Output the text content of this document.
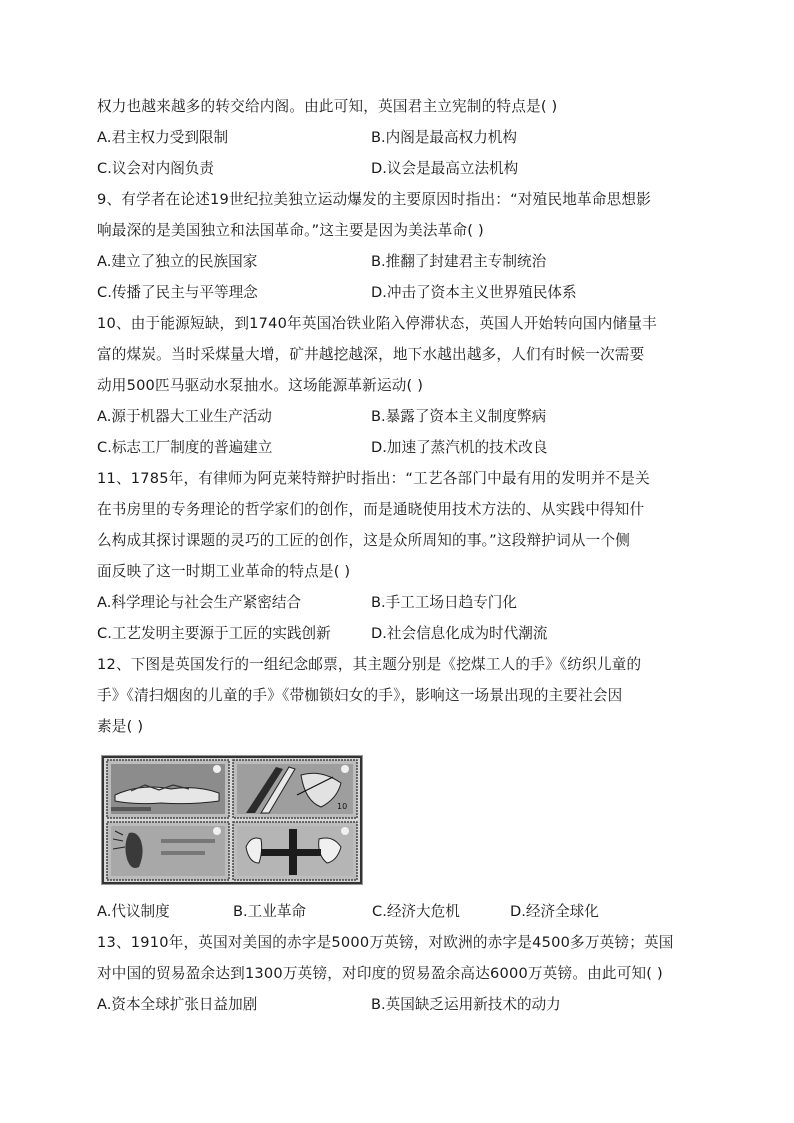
权力也越来越多的转交给内阁。由此可知，英国君主立宪制的特点是( )
A.君主权力受到限制	B.内阁是最高权力机构
C.议会对内阁负责	D.议会是最高立法机构
9、有学者在论述19世纪拉美独立运动爆发的主要原因时指出：“对殖民地革命思想影
响最深的是美国独立和法国革命。”这主要是因为美法革命( )
A.建立了独立的民族国家	B.推翻了封建君主专制统治
C.传播了民主与平等理念	D.冲击了资本主义世界殖民体系
10、由于能源短缺，到1740年英国冶铁业陷入停滞状态，英国人开始转向国内储量丰
富的煤炭。当时采煤量大增，矿井越挖越深，地下水越出越多，人们有时候一次需要
动用500匹马驱动水泵抽水。这场能源革新运动( )
A.源于机器大工业生产活动	B.暴露了资本主义制度弊病
C.标志工厂制度的普遍建立	D.加速了蒸汽机的技术改良
11、1785年，有律师为阿克莱特辩护时指出：“工艺各部门中最有用的发明并不是关
在书房里的专务理论的哲学家们的创作，而是通晓使用技术方法的、从实践中得知什
么构成其探讨课题的灵巧的工匠的创作，这是众所周知的事。”这段辩护词从一个侧
面反映了这一时期工业革命的特点是( )
A.科学理论与社会生产紧密结合	B.手工工场日趋专门化
C.工艺发明主要源于工匠的实践创新	D.社会信息化成为时代潮流
12、下图是英国发行的一组纪念邮票，其主题分别是《挖煤工人的手》《纺织儿童的
手》《清扫烟囱的儿童的手》《带枷锁妇女的手》，影响这一场景出现的主要社会因
素是( )
10
A.代议制度	B.工业革命	C.经济大危机	D.经济全球化
13、1910年，英国对美国的赤字是5000万英镑，对欧洲的赤字是4500多万英镑；英国
对中国的贸易盈余达到1300万英镑，对印度的贸易盈余高达6000万英镑。由此可知( )
A.资本全球扩张日益加剧	B.英国缺乏运用新技术的动力
